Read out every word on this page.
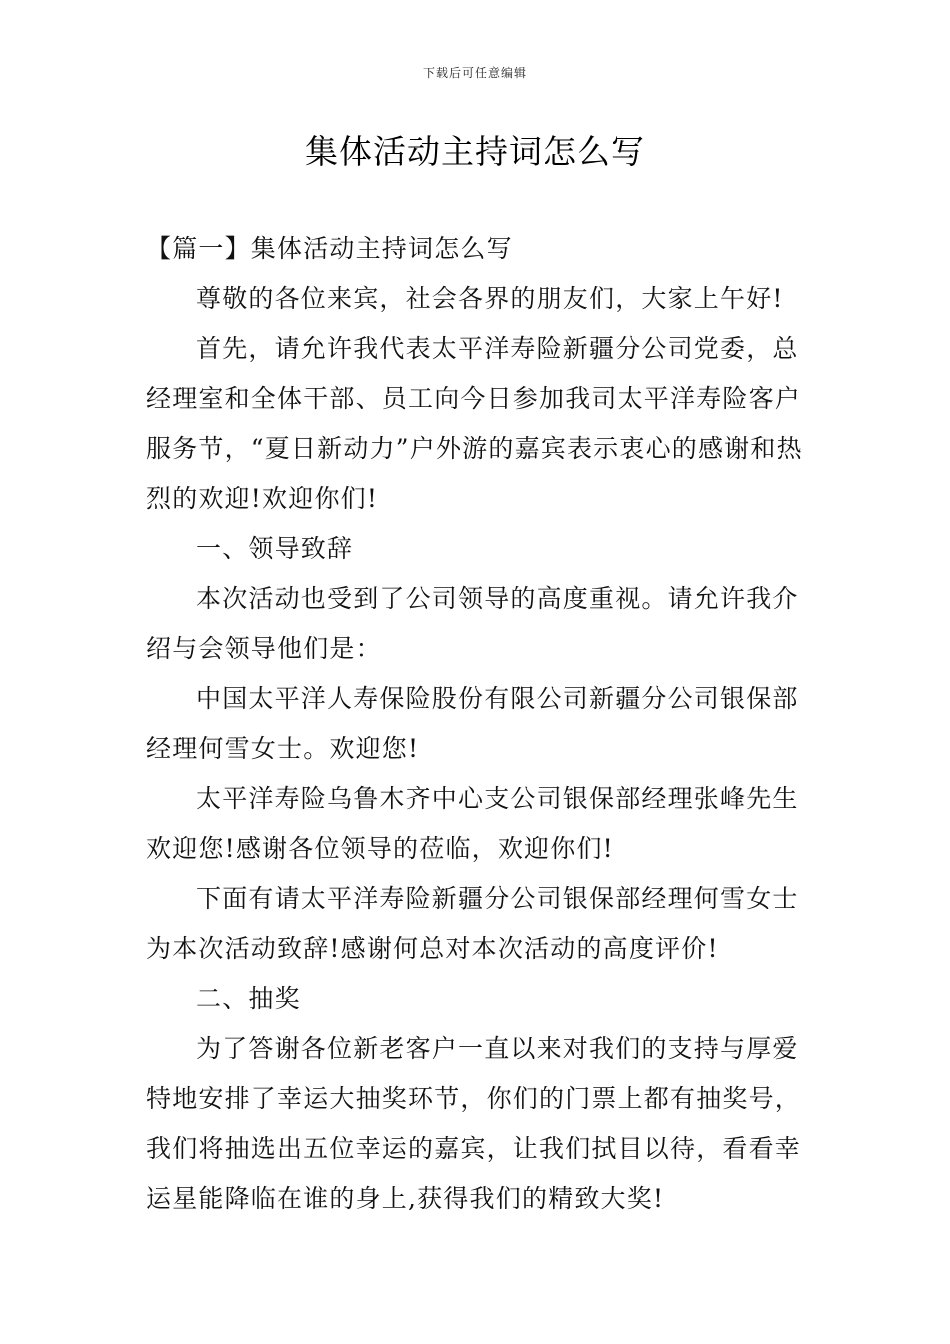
下载后可任意编辑
集体活动主持词怎么写

【篇一】集体活动主持词怎么写

尊敬的各位来宾，社会各界的朋友们，大家上午好!

首先，请允许我代表太平洋寿险新疆分公司党委，总经理室和全体干部、员工向今日参加我司太平洋寿险客户服务节，“夏日新动力”户外游的嘉宾表示衷心的感谢和热烈的欢迎!欢迎你们!

一、领导致辞

本次活动也受到了公司领导的高度重视。请允许我介绍与会领导他们是：

中国太平洋人寿保险股份有限公司新疆分公司银保部经理何雪女士。欢迎您!

太平洋寿险乌鲁木齐中心支公司银保部经理张峰先生欢迎您!感谢各位领导的莅临，欢迎你们!

下面有请太平洋寿险新疆分公司银保部经理何雪女士为本次活动致辞!感谢何总对本次活动的高度评价!

二、抽奖

为了答谢各位新老客户一直以来对我们的支持与厚爱特地安排了幸运大抽奖环节，你们的门票上都有抽奖号，我们将抽选出五位幸运的嘉宾，让我们拭目以待，看看幸运星能降临在谁的身上,获得我们的精致大奖!
